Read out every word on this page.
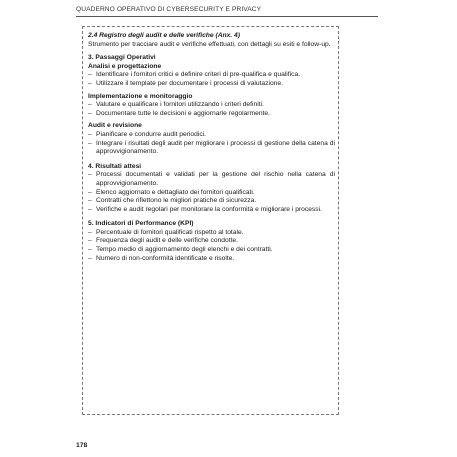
QUADERNO OPERATIVO DI CYBERSECURITY E PRIVACY
2.4 Registro degli audit e delle verifiche (Anx. 4)
Strumento per tracciare audit e verifiche effettuati, con dettagli su esiti e follow-up.
3. Passaggi Operativi
Analisi e progettazione
– Identificare i fornitori critici e definire criteri di pre-qualifica e qualifica.
– Utilizzare il template per documentare i processi di valutazione.
Implementazione e monitoraggio
– Valutare e qualificare i fornitori utilizzando i criteri definiti.
– Documentare tutte le decisioni e aggiornarle regolarmente.
Audit e revisione
– Pianificare e condurre audit periodici.
– Integrare i risultati degli audit per migliorare i processi di gestione della catena di approvvigionamento.
4. Risultati attesi
– Processi documentati e validati per la gestione del rischio nella catena di approvvigionamento.
– Elenco aggiornato e dettagliato dei fornitori qualificati.
– Contratti che riflettono le migliori pratiche di sicurezza.
– Verifiche e audit regolari per monitorare la conformità e migliorare i processi.
5. Indicatori di Performance (KPI)
– Percentuale di fornitori qualificati rispetto al totale.
– Frequenza degli audit e delle verifiche condotte.
– Tempo medio di aggiornamento degli elenchi e dei contratti.
– Numero di non-conformità identificate e risolte.
178
